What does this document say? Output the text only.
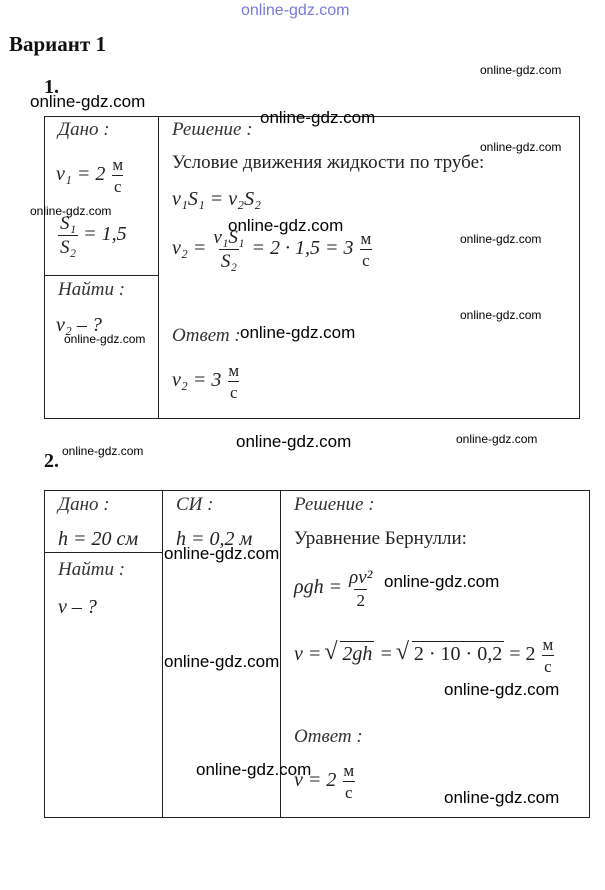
online-gdz.com
Вариант 1
1.
Дано :
$v_1 = 2 \frac{м}{с}$
$\frac{\text{S₁}}{\text{S₂}} = 1,5$
Найти :
v₂ – ?
Решение :
Условие движения жидкости по трубе:
v₁S₁ = v₂S₂
$v_2 = \frac{\text{v₁S₁}}{\text{S₂}} = 2 \cdot 1,5 = 3 \frac{м}{с}$
Ответ :
$v_2 = 3 \frac{м}{с}$
2.
Дано :
h = 20 см
Найти :
v – ?
СИ :
h = 0,2 м
Решение :
Уравнение Бернулли:
$\rho gh = \frac{\text{ρv²}}{2}$
v = √ 2gh = √ $2 \cdot 10 \cdot 0,2 = 2 \frac{м}{с}$
Ответ :
$v = 2 \frac{м}{с}$
online-gdz.com
online-gdz.com
online-gdz.com
online-gdz.com
online-gdz.com
online-gdz.com
online-gdz.com
online-gdz.com
online-gdz.com
online-gdz.com
online-gdz.com	online-gdz.com
online-gdz.com
online-gdz.com
online-gdz.com
online-gdz.com
online-gdz.com
online-gdz.com
online-gdz.com
